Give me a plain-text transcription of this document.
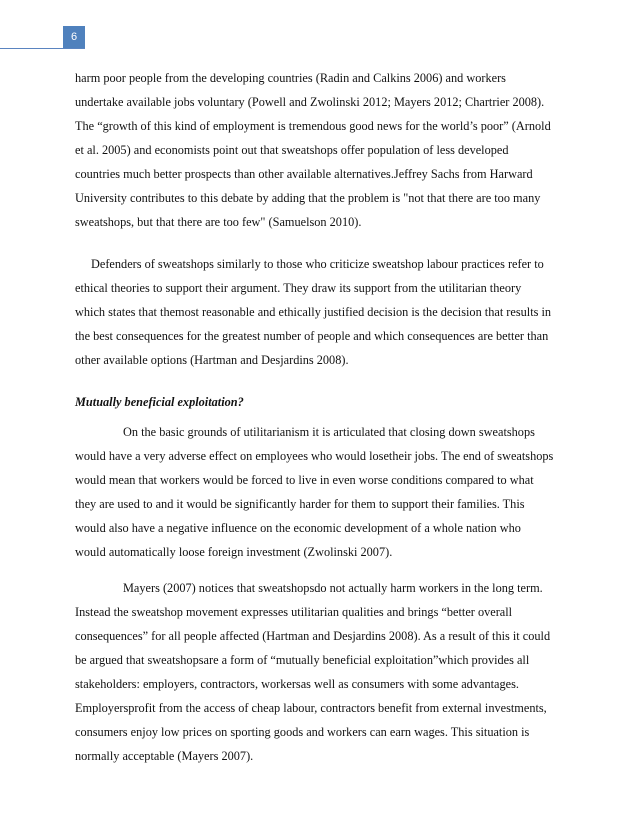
6
harm poor people from the developing countries (Radin and Calkins 2006) and workers
undertake available jobs voluntary (Powell and Zwolinski 2012; Mayers 2012; Chartrier 2008).
The “growth of this kind of employment is tremendous good news for the world’s poor” (Arnold
et al. 2005) and economists point out that sweatshops offer population of less developed
countries much better prospects than other available alternatives.Jeffrey Sachs from Harward
University contributes to this debate by adding that the problem is "not that there are too many
sweatshops, but that there are too few" (Samuelson 2010).
Defenders of sweatshops similarly to those who criticize sweatshop labour practices refer to
ethical theories to support their argument. They draw its support from the utilitarian theory
which states that themost reasonable and ethically justified decision is the decision that results in
the best consequences for the greatest number of people and which consequences are better than
other available options (Hartman and Desjardins 2008).
Mutually beneficial exploitation?
On the basic grounds of utilitarianism it is articulated that closing down sweatshops
would have a very adverse effect on employees who would losetheir jobs. The end of sweatshops
would mean that workers would be forced to live in even worse conditions compared to what
they are used to and it would be significantly harder for them to support their families. This
would also have a negative influence on the economic development of a whole nation who
would automatically loose foreign investment (Zwolinski 2007).
Mayers (2007) notices that sweatshopsdo not actually harm workers in the long term.
Instead the sweatshop movement expresses utilitarian qualities and brings “better overall
consequences” for all people affected (Hartman and Desjardins 2008). As a result of this it could
be argued that sweatshopsare a form of “mutually beneficial exploitation”which provides all
stakeholders: employers, contractors, workersas well as consumers with some advantages.
Employersprofit from the access of cheap labour, contractors benefit from external investments,
consumers enjoy low prices on sporting goods and workers can earn wages. This situation is
normally acceptable (Mayers 2007).
